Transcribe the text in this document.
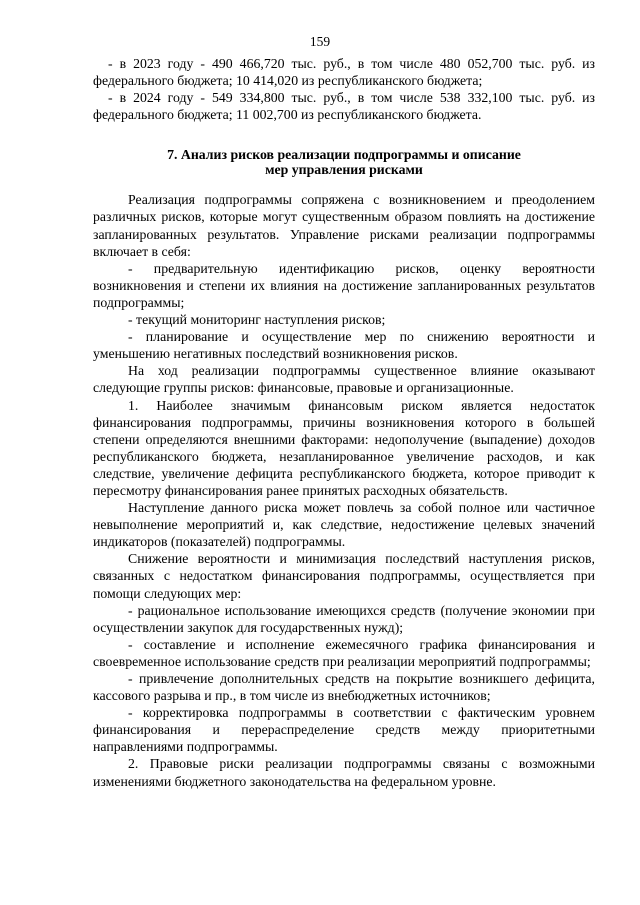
159

- в 2023 году - 490 466,720 тыс. руб., в том числе 480 052,700 тыс. руб. из федерального бюджета; 10 414,020 из республиканского бюджета;

- в 2024 году - 549 334,800 тыс. руб., в том числе 538 332,100 тыс. руб. из федерального бюджета; 11 002,700 из республиканского бюджета.

7. Анализ рисков реализации подпрограммы и описание
мер управления рисками

Реализация подпрограммы сопряжена с возникновением и преодолением различных рисков, которые могут существенным образом повлиять на достижение запланированных результатов. Управление рисками реализации подпрограммы включает в себя:

- предварительную идентификацию рисков, оценку вероятности возникновения и степени их влияния на достижение запланированных результатов подпрограммы;

- текущий мониторинг наступления рисков;

- планирование и осуществление мер по снижению вероятности и уменьшению негативных последствий возникновения рисков.

На ход реализации подпрограммы существенное влияние оказывают следующие группы рисков: финансовые, правовые и организационные.

1. Наиболее значимым финансовым риском является недостаток финансирования подпрограммы, причины возникновения которого в большей степени определяются внешними факторами: недополучение (выпадение) доходов республиканского бюджета, незапланированное увеличение расходов, и как следствие, увеличение дефицита республиканского бюджета, которое приводит к пересмотру финансирования ранее принятых расходных обязательств.

Наступление данного риска может повлечь за собой полное или частичное невыполнение мероприятий и, как следствие, недостижение целевых значений индикаторов (показателей) подпрограммы.

Снижение вероятности и минимизация последствий наступления рисков, связанных с недостатком финансирования подпрограммы, осуществляется при помощи следующих мер:

- рациональное использование имеющихся средств (получение экономии при осуществлении закупок для государственных нужд);

- составление и исполнение ежемесячного графика финансирования и своевременное использование средств при реализации мероприятий подпрограммы;

- привлечение дополнительных средств на покрытие возникшего дефицита, кассового разрыва и пр., в том числе из внебюджетных источников;

- корректировка подпрограммы в соответствии с фактическим уровнем финансирования и перераспределение средств между приоритетными направлениями подпрограммы.

2. Правовые риски реализации подпрограммы связаны с возможными изменениями бюджетного законодательства на федеральном уровне.
